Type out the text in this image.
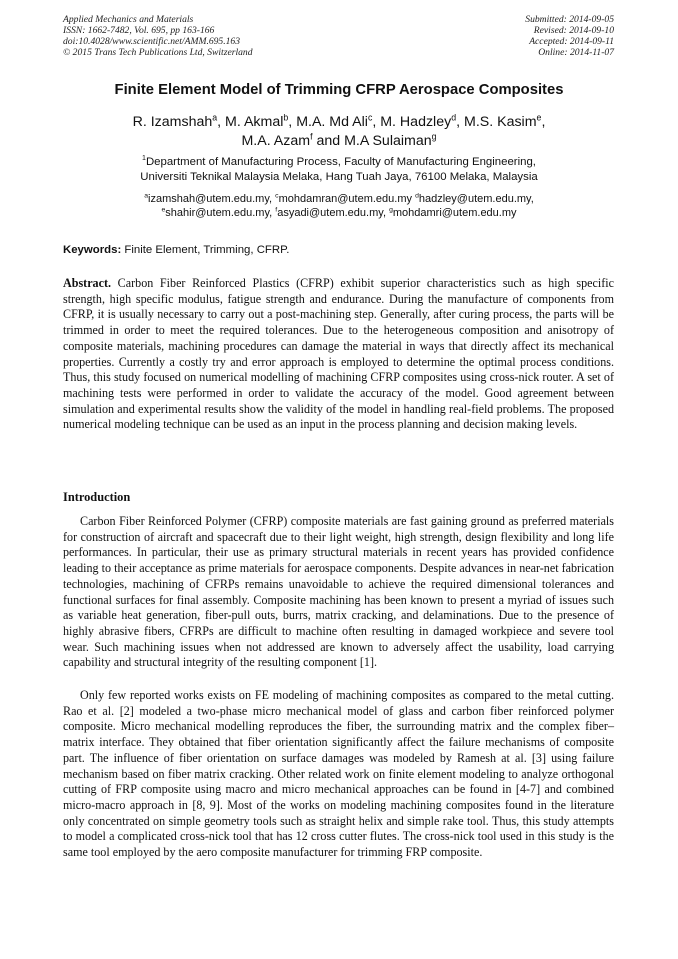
Applied Mechanics and Materials
ISSN: 1662-7482, Vol. 695, pp 163-166
doi:10.4028/www.scientific.net/AMM.695.163
© 2015 Trans Tech Publications Ltd, Switzerland
Submitted: 2014-09-05
Revised: 2014-09-10
Accepted: 2014-09-11
Online: 2014-11-07
Finite Element Model of Trimming CFRP Aerospace Composites
R. Izamshah$^a$, M. Akmal$^b$, M.A. Md Ali$^c$, M. Hadzley$^d$, M.S. Kasim$^e$,
M.A. Azam$^f$ and M.A Sulaiman$^g$
$^1$Department of Manufacturing Process, Faculty of Manufacturing Engineering,
Universiti Teknikal Malaysia Melaka, Hang Tuah Jaya, 76100 Melaka, Malaysia
$^a$izamshah@utem.edu.my, $^c$mohdamran@utem.edu.my $^d$hadzley@utem.edu.my,
$^e$shahir@utem.edu.my, $^f$asyadi@utem.edu.my, $^g$mohdamri@utem.edu.my
Keywords: Finite Element, Trimming, CFRP.
Abstract. Carbon Fiber Reinforced Plastics (CFRP) exhibit superior characteristics such as high specific strength, high specific modulus, fatigue strength and endurance. During the manufacture of components from CFRP, it is usually necessary to carry out a post-machining step. Generally, after curing process, the parts will be trimmed in order to meet the required tolerances. Due to the heterogeneous composition and anisotropy of composite materials, machining procedures can damage the material in ways that directly affect its mechanical properties. Currently a costly try and error approach is employed to determine the optimal process conditions. Thus, this study focused on numerical modelling of machining CFRP composites using cross-nick router. A set of machining tests were performed in order to validate the accuracy of the model. Good agreement between simulation and experimental results show the validity of the model in handling real-field problems. The proposed numerical modeling technique can be used as an input in the process planning and decision making levels.
Introduction

Carbon Fiber Reinforced Polymer (CFRP) composite materials are fast gaining ground as preferred materials for construction of aircraft and spacecraft due to their light weight, high strength, design flexibility and long life performances. In particular, their use as primary structural materials in recent years has provided confidence leading to their acceptance as prime materials for aerospace components. Despite advances in near-net fabrication technologies, machining of CFRPs remains unavoidable to achieve the required dimensional tolerances and functional surfaces for final assembly. Composite machining has been known to present a myriad of issues such as variable heat generation, fiber-pull outs, burrs, matrix cracking, and delaminations. Due to the presence of highly abrasive fibers, CFRPs are difficult to machine often resulting in damaged workpiece and severe tool wear. Such machining issues when not addressed are known to adversely affect the usability, load carrying capability and structural integrity of the resulting component [1].

Only few reported works exists on FE modeling of machining composites as compared to the metal cutting. Rao et al. [2] modeled a two-phase micro mechanical model of glass and carbon fiber reinforced polymer composite. Micro mechanical modelling reproduces the fiber, the surrounding matrix and the complex fiber–matrix interface. They obtained that fiber orientation significantly affect the failure mechanisms of composite part. The influence of fiber orientation on surface damages was modeled by Ramesh at al. [3] using failure mechanism based on fiber matrix cracking. Other related work on finite element modeling to analyze orthogonal cutting of FRP composite using macro and micro mechanical approaches can be found in [4-7] and combined micro-macro approach in [8, 9]. Most of the works on modeling machining composites found in the literature only concentrated on simple geometry tools such as straight helix and simple rake tool. Thus, this study attempts to model a complicated cross-nick tool that has 12 cross cutter flutes. The cross-nick tool used in this study is the same tool employed by the aero composite manufacturer for trimming FRP composite.
